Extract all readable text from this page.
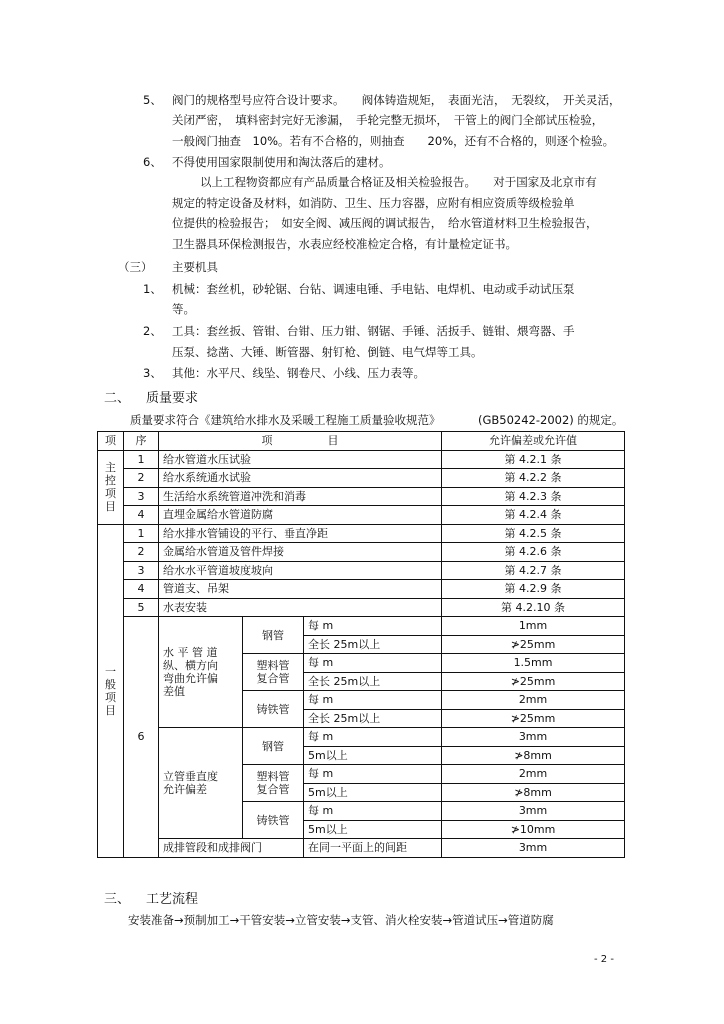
5、 阀门的规格型号应符合设计要求。　　阀体铸造规矩，　表面光洁，　无裂纹，　开关灵活，
关闭严密，　填料密封完好无渗漏，　手轮完整无损坏，　干管上的阀门全部试压检验，
一般阀门抽查　10%。若有不合格的，则抽查　　20%，还有不合格的，则逐个检验。
6、 不得使用国家限制使用和淘汰落后的建材。
以上工程物资都应有产品质量合格证及相关检验报告。　　对于国家及北京市有
规定的特定设备及材料，如消防、卫生、压力容器，应附有相应资质等级检验单
位提供的检验报告；　如安全阀、减压阀的调试报告，　给水管道材料卫生检验报告，
卫生器具环保检测报告，水表应经校准检定合格，有计量检定证书。
（三） 主要机具
1、 机械：套丝机，砂轮锯、台钻、调速电锤、手电钻、电焊机、电动或手动试压泵
等。
2、 工具：套丝扳、管钳、台钳、压力钳、钢锯、手锤、活扳手、链钳、煨弯器、手
压泵、捻凿、大锤、断管器、射钉枪、倒链、电气焊等工具。
3、 其他：水平尺、线坠、钢卷尺、小线、压力表等。
二、 质量要求
质量要求符合《建筑给水排水及采暖工程施工质量验收规范》	(GB50242-2002) 的规定。
项	序	项　　　　　目			允许偏差或允许值

主
控
项
目	1	给水管道水压试验			第 4.2.1 条
	2	给水系统通水试验			第 4.2.2 条
	3	生活给水系统管道冲洗和消毒			第 4.2.3 条
	4	直埋金属给水管道防腐			第 4.2.4 条

一
般
项
目	1	给水排水管铺设的平行、垂直净距			第 4.2.5 条
	2	金属给水管道及管件焊接			第 4.2.6 条
	3	给水水平管道坡度坡向			第 4.2.7 条
	4	管道支、吊架			第 4.2.9 条
	5	水表安装			第 4.2.10 条
	6	水 平 管 道
纵、横方向
弯曲允许偏
差值	钢管	每 m	1mm
				全长 25m以上	≯25mm

			塑料管
复合管	每 m	1.5mm
				全长 25m以上	≯25mm
			铸铁管	每 m	2mm
				全长 25m以上	≯25mm

		立管垂直度
允许偏差	钢管	每 m	3mm
				5m以上	≯8mm

			塑料管
复合管	每 m	2mm
				5m以上	≯8mm
			铸铁管	每 m	3mm
				5m以上	≯10mm
		成排管段和成排阀门		在同一平面上的间距	3mm
三、 工艺流程
安装准备→预制加工→干管安装→立管安装→支管、消火栓安装→管道试压→管道防腐
- 2 -
